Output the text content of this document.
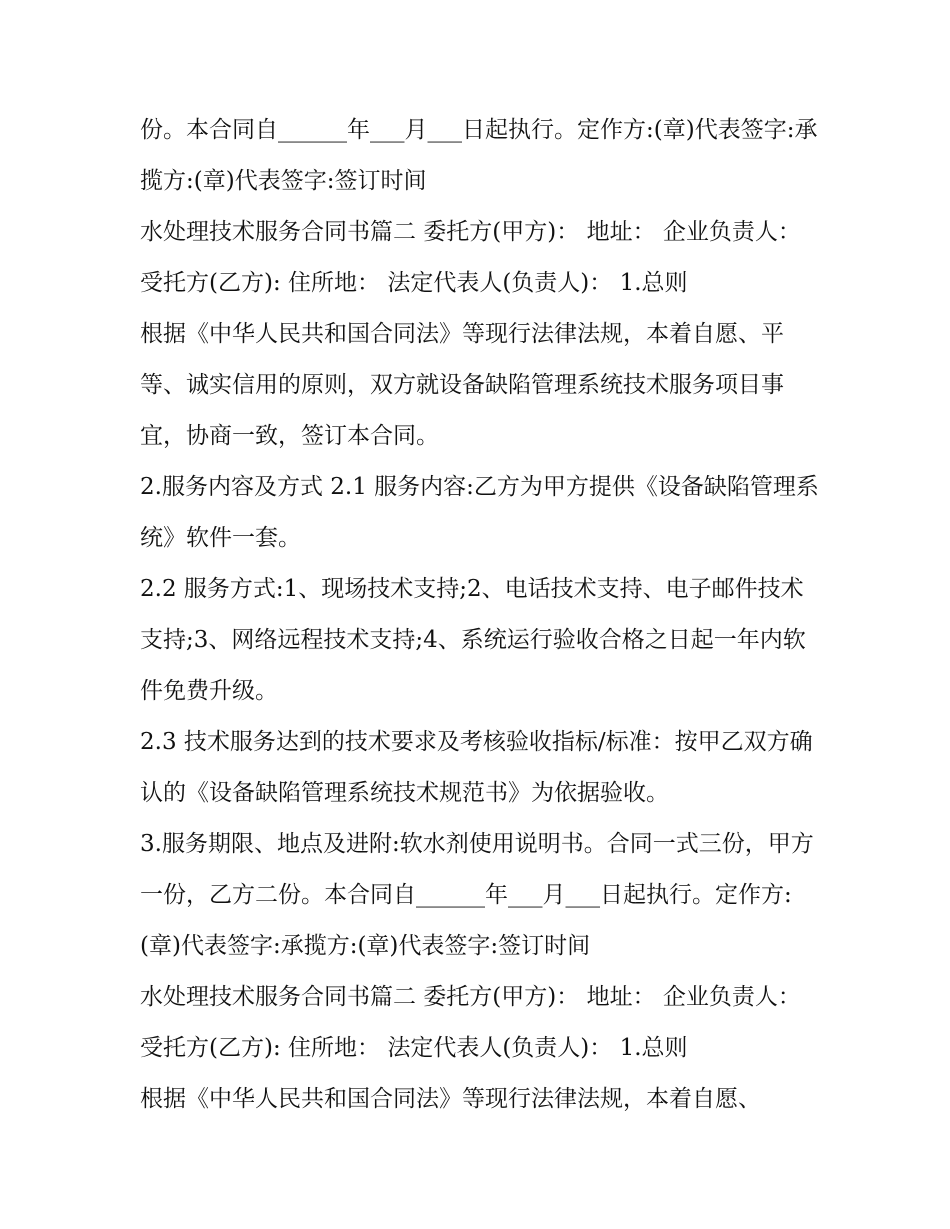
份。本合同自______年___月___日起执行。定作方:(章)代表签字:承揽方:(章)代表签字:签订时间

水处理技术服务合同书篇二 委托方(甲方)： 地址： 企业负责人： 受托方(乙方): 住所地： 法定代表人(负责人)： 1.总则

根据《中华人民共和国合同法》等现行法律法规，本着自愿、平等、诚实信用的原则，双方就设备缺陷管理系统技术服务项目事宜，协商一致，签订本合同。

2.服务内容及方式 2.1 服务内容:乙方为甲方提供《设备缺陷管理系统》软件一套。

2.2 服务方式:1、现场技术支持;2、电话技术支持、电子邮件技术支持;3、网络远程技术支持;4、系统运行验收合格之日起一年内软件免费升级。

2.3 技术服务达到的技术要求及考核验收指标/标准：按甲乙双方确认的《设备缺陷管理系统技术规范书》为依据验收。

3.服务期限、地点及进附:软水剂使用说明书。合同一式三份，甲方一份，乙方二份。本合同自______年___月___日起执行。定作方:(章)代表签字:承揽方:(章)代表签字:签订时间

水处理技术服务合同书篇二 委托方(甲方)： 地址： 企业负责人： 受托方(乙方): 住所地： 法定代表人(负责人)： 1.总则

根据《中华人民共和国合同法》等现行法律法规，本着自愿、
